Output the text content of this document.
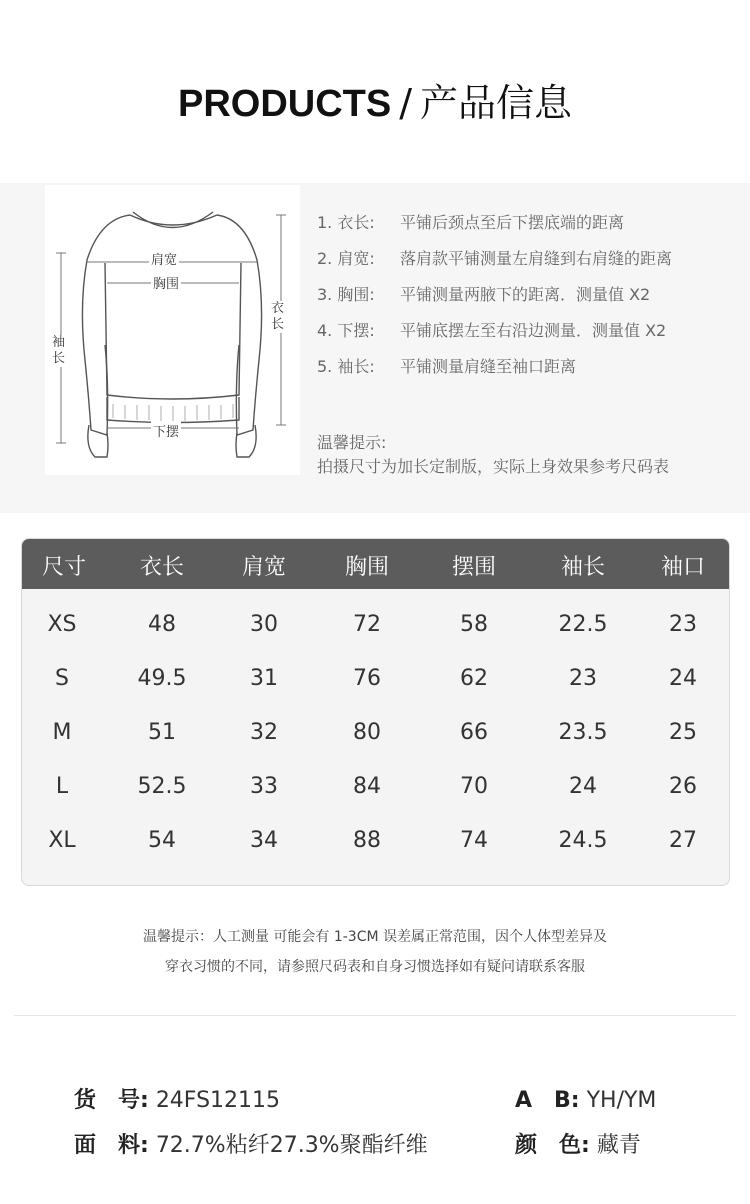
PRODUCTS / 产品信息
肩宽
胸围
下摆
衣长
袖长
1. 衣长: 平铺后颈点至后下摆底端的距离
2. 肩宽: 落肩款平铺测量左肩缝到右肩缝的距离
3. 胸围: 平铺测量两腋下的距离．测量值 X2
4. 下摆: 平铺底摆左至右沿边测量．测量值 X2
5. 袖长: 平铺测量肩缝至袖口距离
温馨提示:
拍摄尺寸为加长定制版，实际上身效果参考尺码表
尺寸	衣长	肩宽	胸围	摆围	袖长	袖口
XS	48	30	72	58	22.5	23
S	49.5	31	76	62	23	24
M	51	32	80	66	23.5	25
L	52.5	33	84	70	24	26
XL	54	34	88	74	24.5	27
温馨提示：人工测量 可能会有 1-3CM 误差属正常范围，因个人体型差异及
穿衣习惯的不同，请参照尺码表和自身习惯选择如有疑问请联系客服
货　号: 24FS12115
面　料: 72.7%粘纤27.3%聚酯纤维
A　B: YH/YM
颜　色: 藏青
